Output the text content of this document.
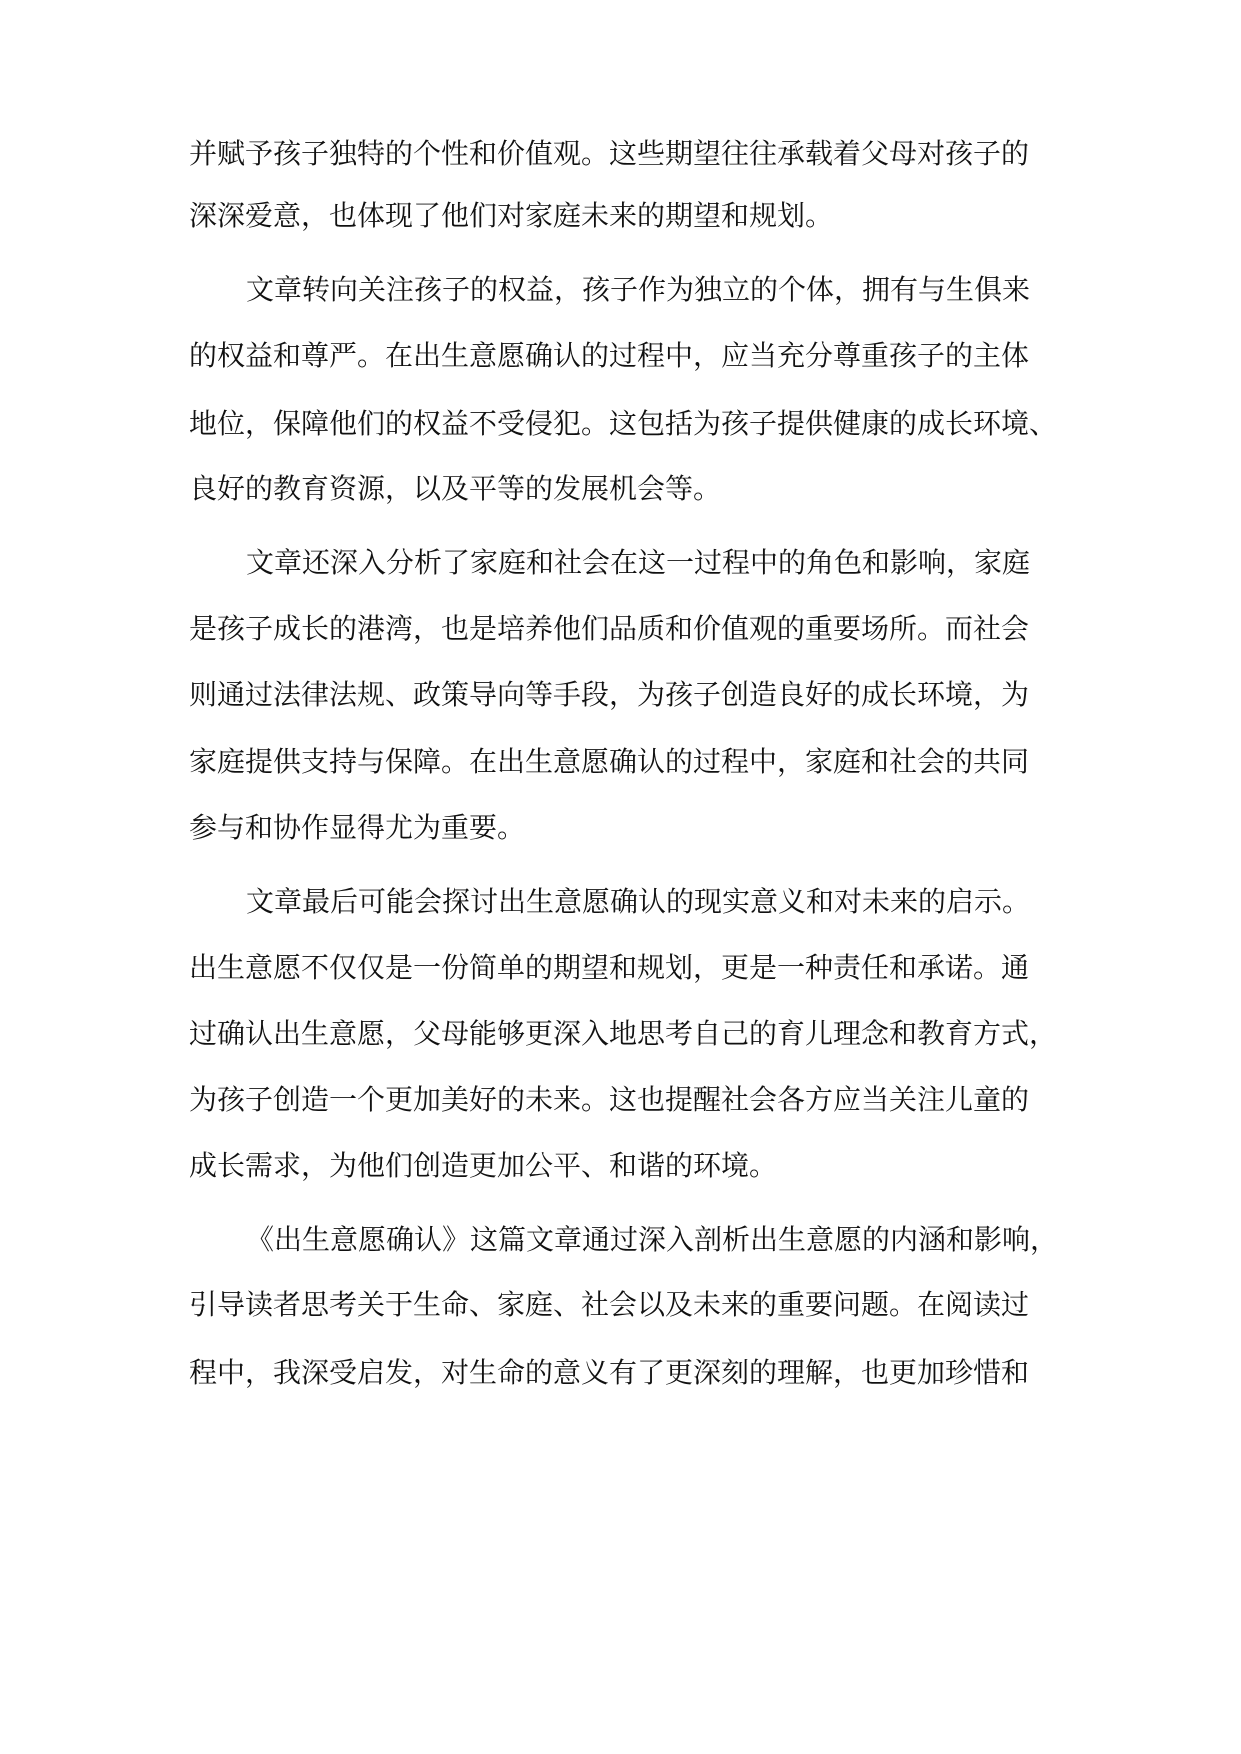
并赋予孩子独特的个性和价值观。这些期望往往承载着父母对孩子的
深深爱意，也体现了他们对家庭未来的期望和规划。
文章转向关注孩子的权益，孩子作为独立的个体，拥有与生俱来
的权益和尊严。在出生意愿确认的过程中，应当充分尊重孩子的主体
地位，保障他们的权益不受侵犯。这包括为孩子提供健康的成长环境、
良好的教育资源，以及平等的发展机会等。
文章还深入分析了家庭和社会在这一过程中的角色和影响，家庭
是孩子成长的港湾，也是培养他们品质和价值观的重要场所。而社会
则通过法律法规、政策导向等手段，为孩子创造良好的成长环境，为
家庭提供支持与保障。在出生意愿确认的过程中，家庭和社会的共同
参与和协作显得尤为重要。
文章最后可能会探讨出生意愿确认的现实意义和对未来的启示。
出生意愿不仅仅是一份简单的期望和规划，更是一种责任和承诺。通
过确认出生意愿，父母能够更深入地思考自己的育儿理念和教育方式，
为孩子创造一个更加美好的未来。这也提醒社会各方应当关注儿童的
成长需求，为他们创造更加公平、和谐的环境。
《出生意愿确认》这篇文章通过深入剖析出生意愿的内涵和影响，
引导读者思考关于生命、家庭、社会以及未来的重要问题。在阅读过
程中，我深受启发，对生命的意义有了更深刻的理解，也更加珍惜和
